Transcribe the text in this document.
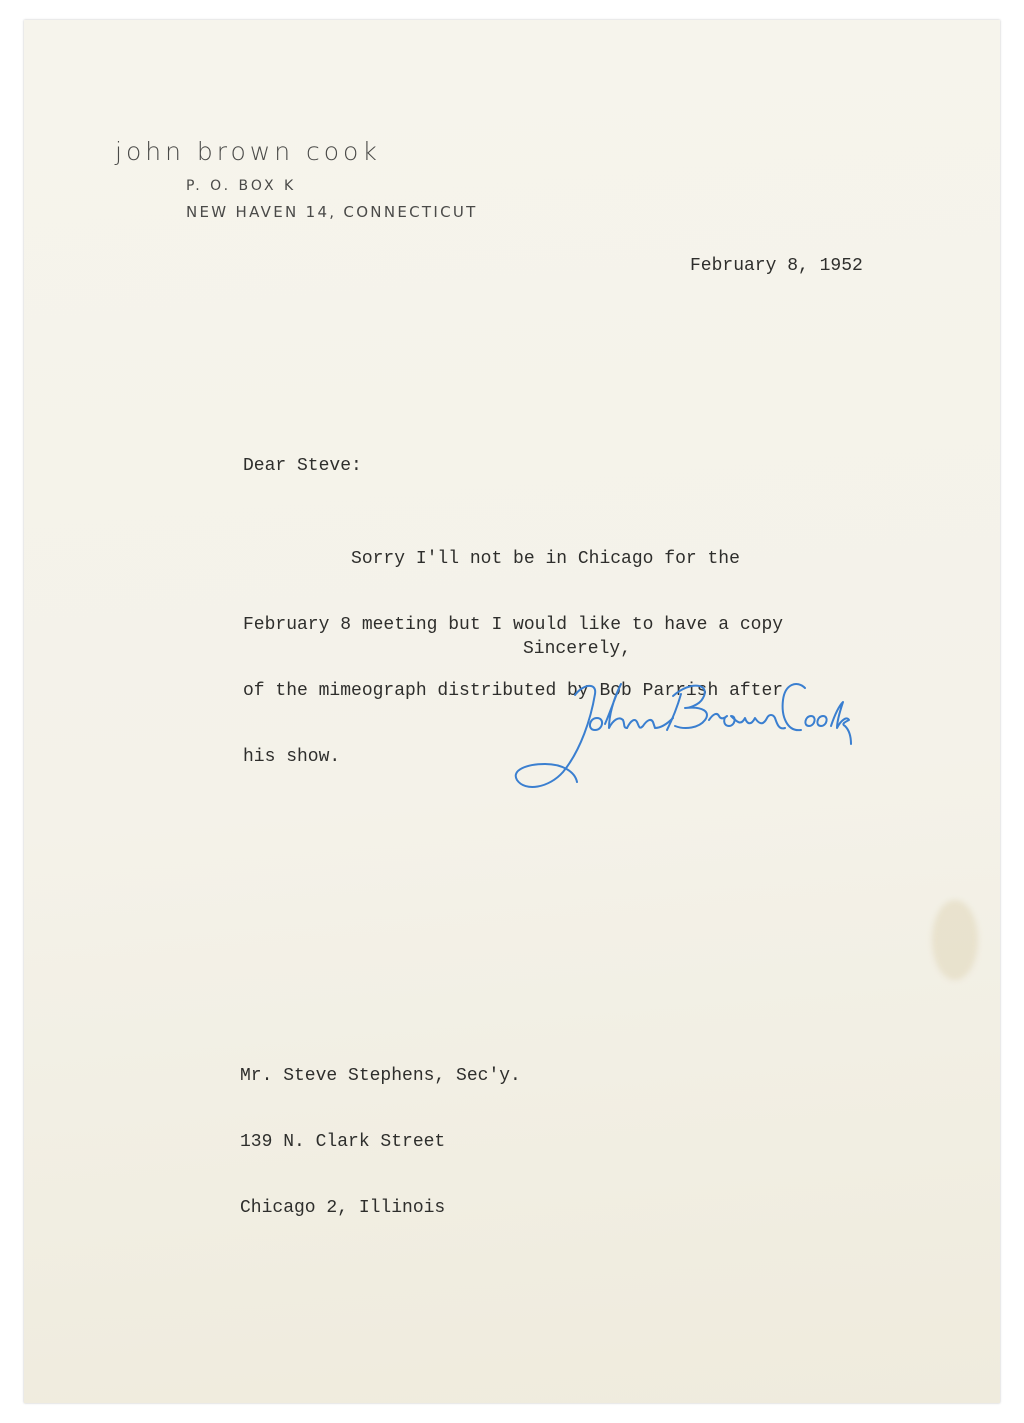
john brown cook
P. O. BOX K
NEW HAVEN 14, CONNECTICUT
February 8, 1952
Dear Steve:

Sorry I'll not be in Chicago for the

February 8 meeting but I would like to have a copy

of the mimeograph distributed by Bob Parrish after

his show.

Sincerely,

Mr. Steve Stephens, Sec'y.

139 N. Clark Street

Chicago 2, Illinois
